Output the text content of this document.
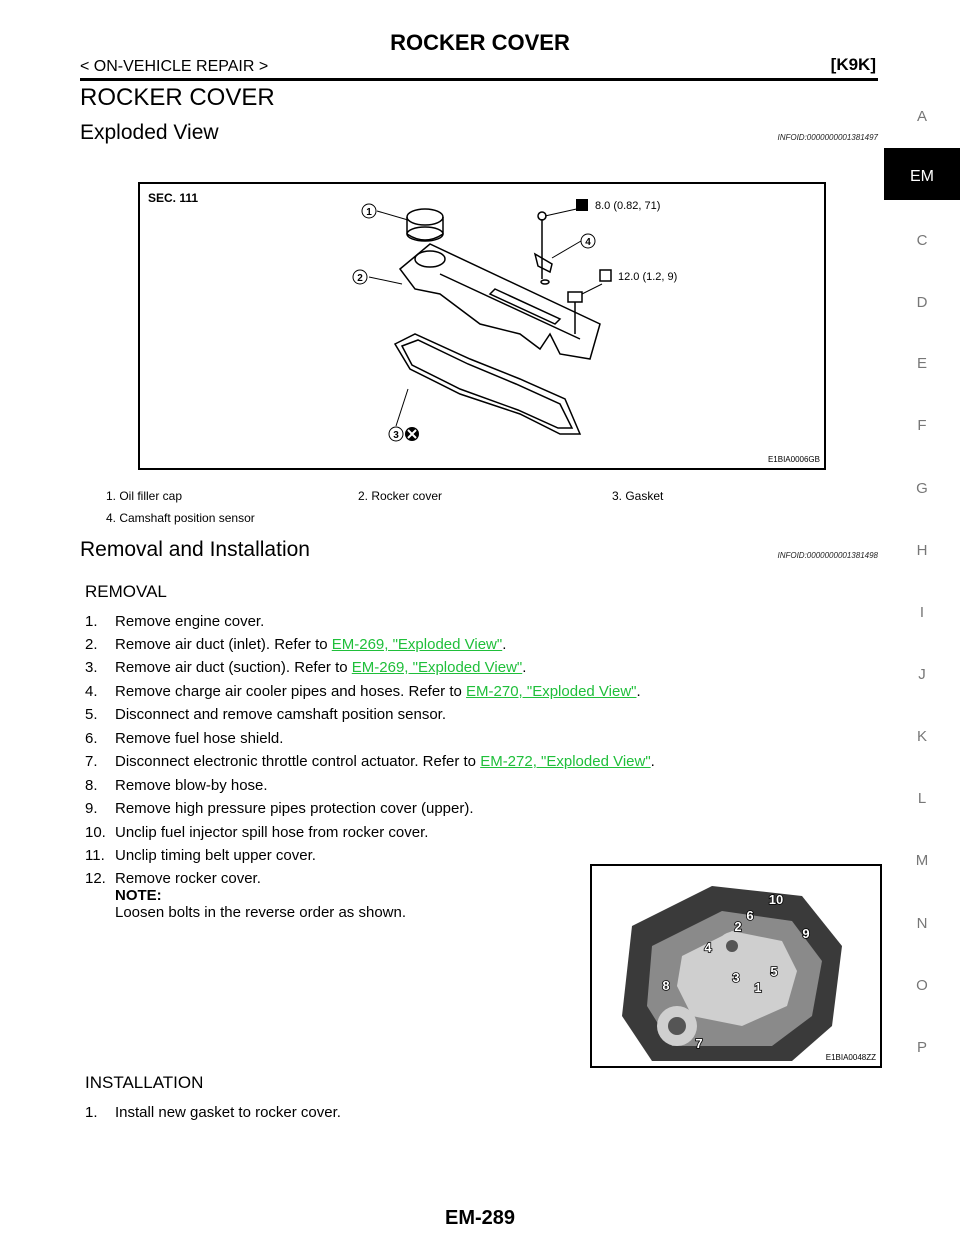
ROCKER COVER
< ON-VEHICLE REPAIR >	[K9K]
ROCKER COVER
Exploded View	INFOID:0000000001381497
SEC. 111
1
2
3
4
8.0 (0.82, 71)
12.0 (1.2, 9)
E1BIA0006GB
1. Oil filler cap	2. Rocker cover	3. Gasket
4. Camshaft position sensor
Removal and Installation	INFOID:0000000001381498
REMOVAL
1. Remove engine cover.
2. Remove air duct (inlet). Refer to EM-269, "Exploded View".
3. Remove air duct (suction). Refer to EM-269, "Exploded View".
4. Remove charge air cooler pipes and hoses. Refer to EM-270, "Exploded View".
5. Disconnect and remove camshaft position sensor.
6. Remove fuel hose shield.
7. Disconnect electronic throttle control actuator. Refer to EM-272, "Exploded View".
8. Remove blow-by hose.
9. Remove high pressure pipes protection cover (upper).
10. Unclip fuel injector spill hose from rocker cover.
11. Unclip timing belt upper cover.
12. Remove rocker cover.
NOTE:
Loosen bolts in the reverse order as shown.
10
6
2
4
9
5
8	1
3
7
E1BIA0048ZZ
INSTALLATION
1. Install new gasket to rocker cover.
A
EM
C
D
E
F
G
H
I
J
K
L
M
N
O
P
EM-289
